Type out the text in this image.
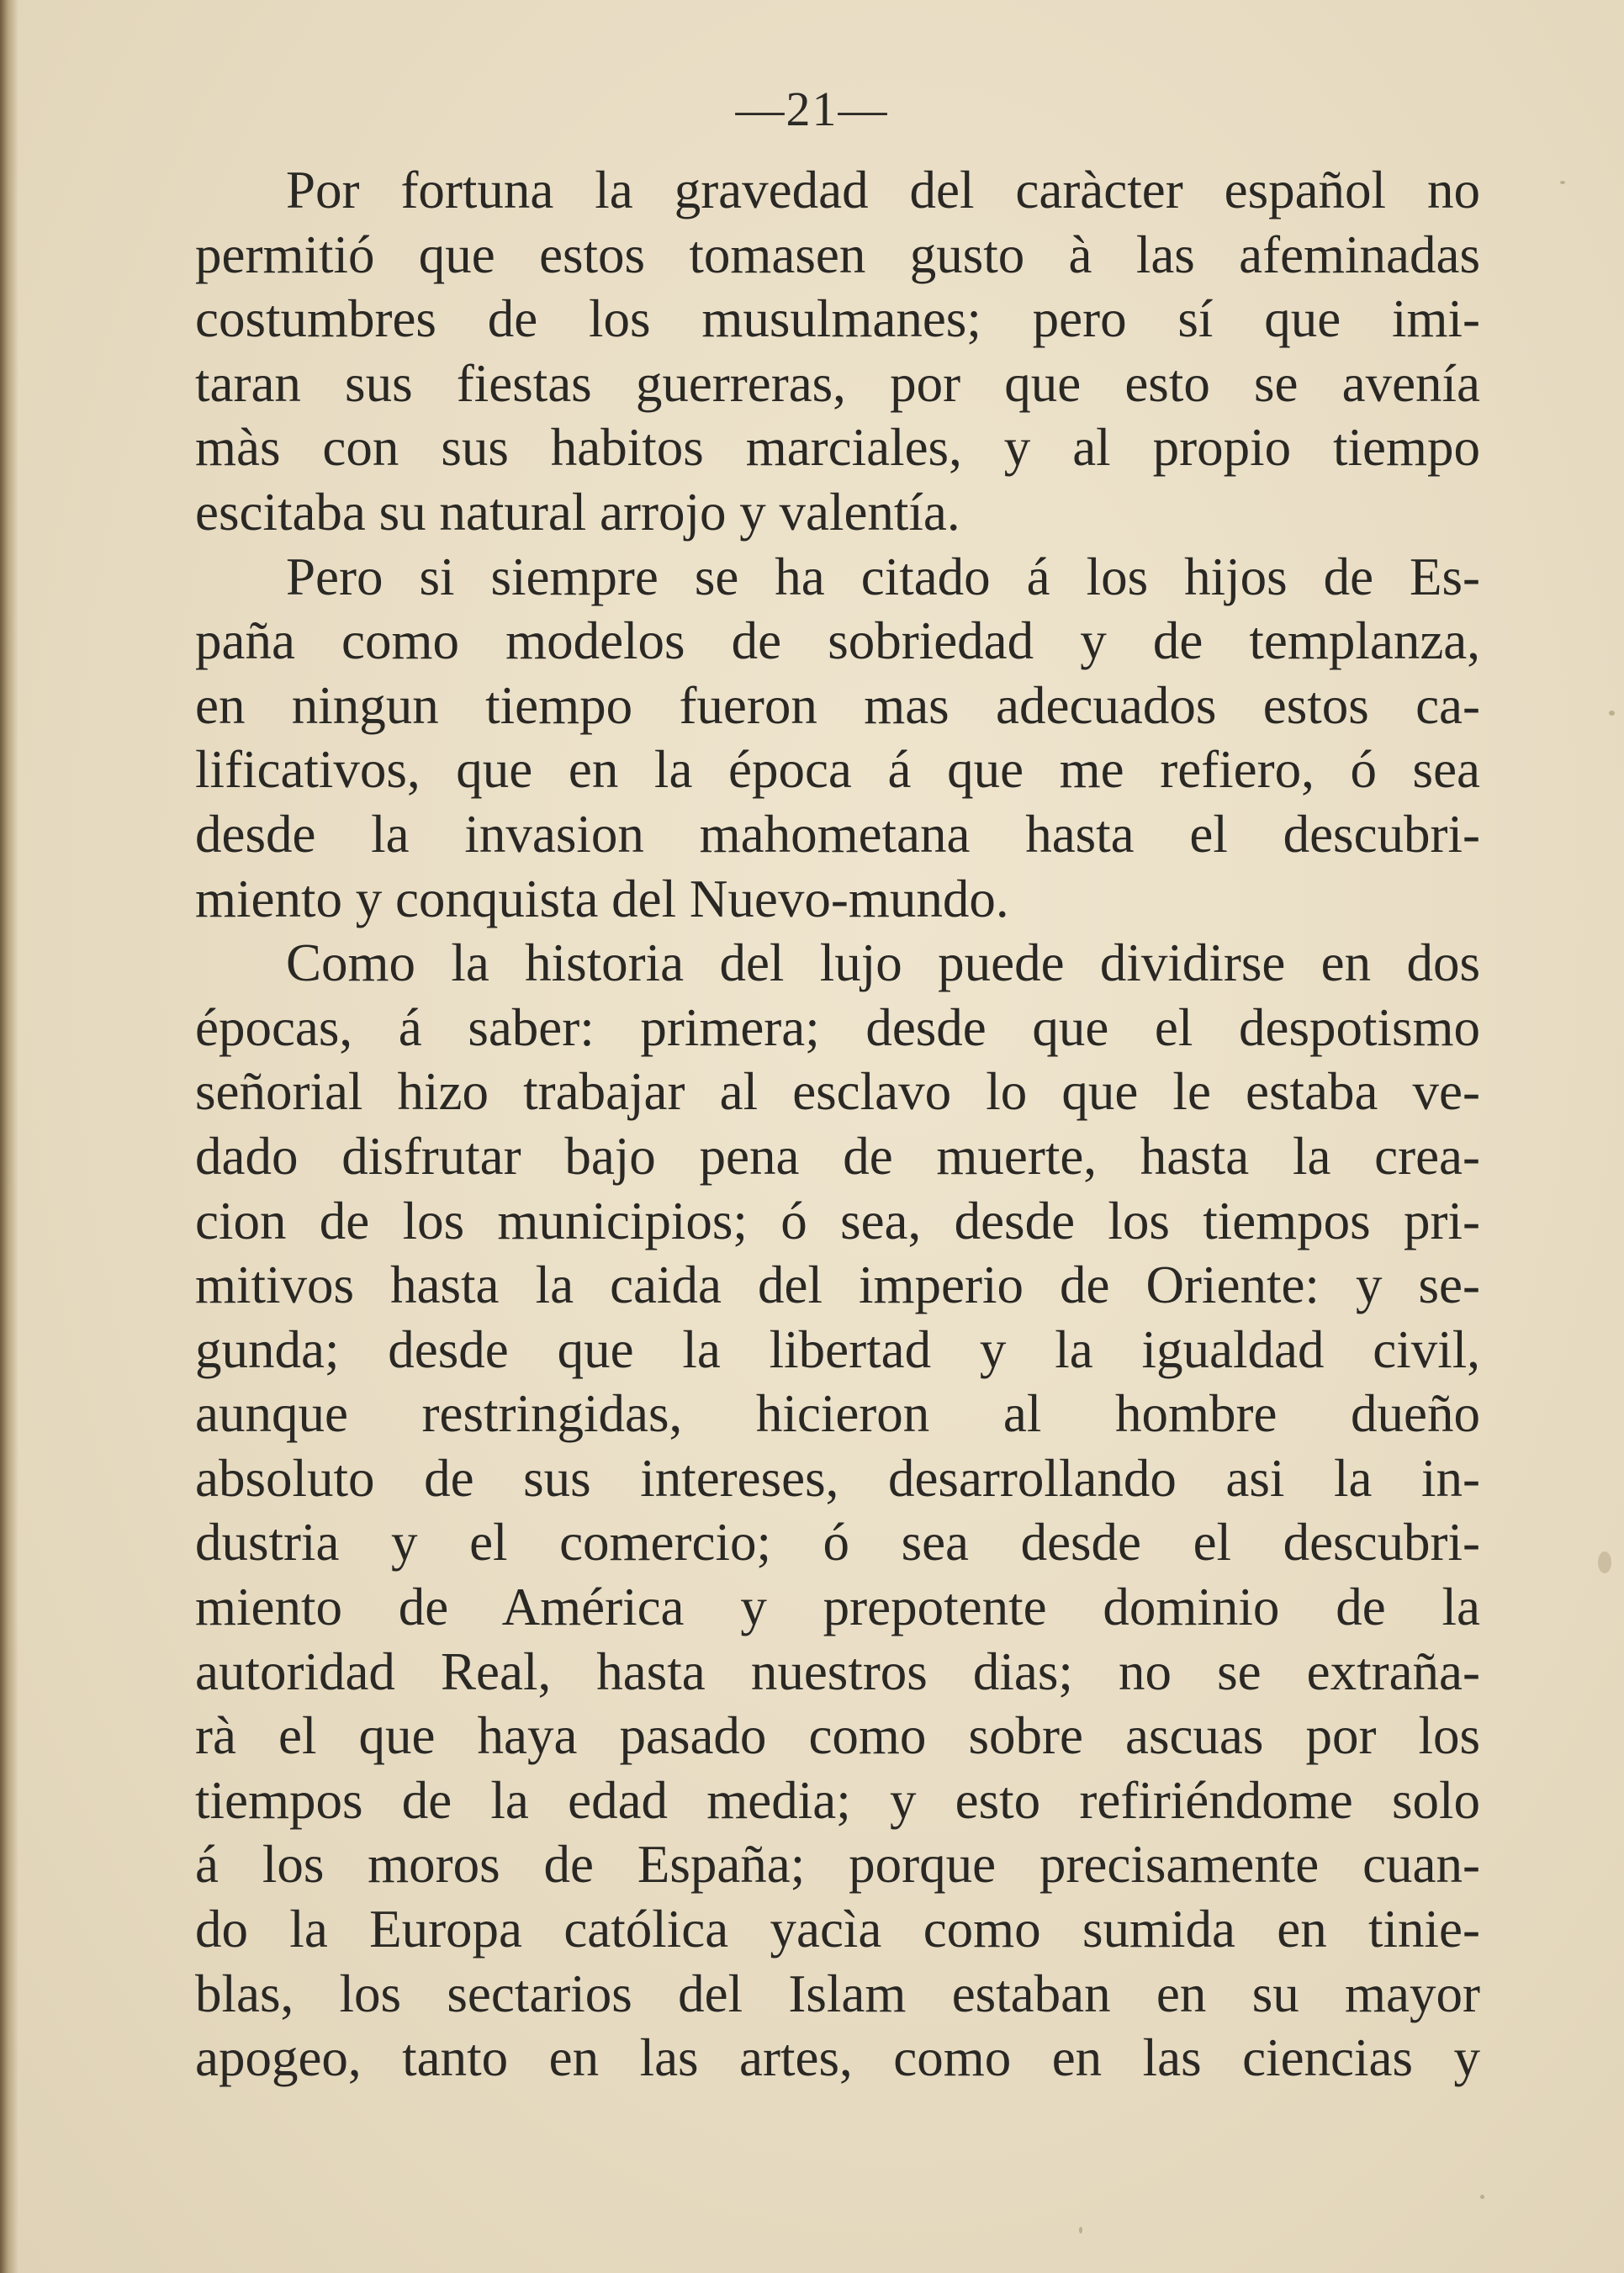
—21—
Por fortuna la gravedad del caràcter español no
permitió que estos tomasen gusto à las afeminadas
costumbres de los musulmanes; pero sí que imi-
taran sus fiestas guerreras, por que esto se avenía
màs con sus habitos marciales, y al propio tiempo
escitaba su natural arrojo y valentía.
Pero si siempre se ha citado á los hijos de Es-
paña como modelos de sobriedad y de templanza,
en ningun tiempo fueron mas adecuados estos ca-
lificativos, que en la época á que me refiero, ó sea
desde la invasion mahometana hasta el descubri-
miento y conquista del Nuevo-mundo.
Como la historia del lujo puede dividirse en dos
épocas, á saber: primera; desde que el despotismo
señorial hizo trabajar al esclavo lo que le estaba ve-
dado disfrutar bajo pena de muerte, hasta la crea-
cion de los municipios; ó sea, desde los tiempos pri-
mitivos hasta la caida del imperio de Oriente: y se-
gunda; desde que la libertad y la igualdad civil,
aunque restringidas, hicieron al hombre dueño
absoluto de sus intereses, desarrollando asi la in-
dustria y el comercio; ó sea desde el descubri-
miento de América y prepotente dominio de la
autoridad Real, hasta nuestros dias; no se extraña-
rà el que haya pasado como sobre ascuas por los
tiempos de la edad media; y esto refiriéndome solo
á los moros de España; porque precisamente cuan-
do la Europa católica yacìa como sumida en tinie-
blas, los sectarios del Islam estaban en su mayor
apogeo, tanto en las artes, como en las ciencias y
